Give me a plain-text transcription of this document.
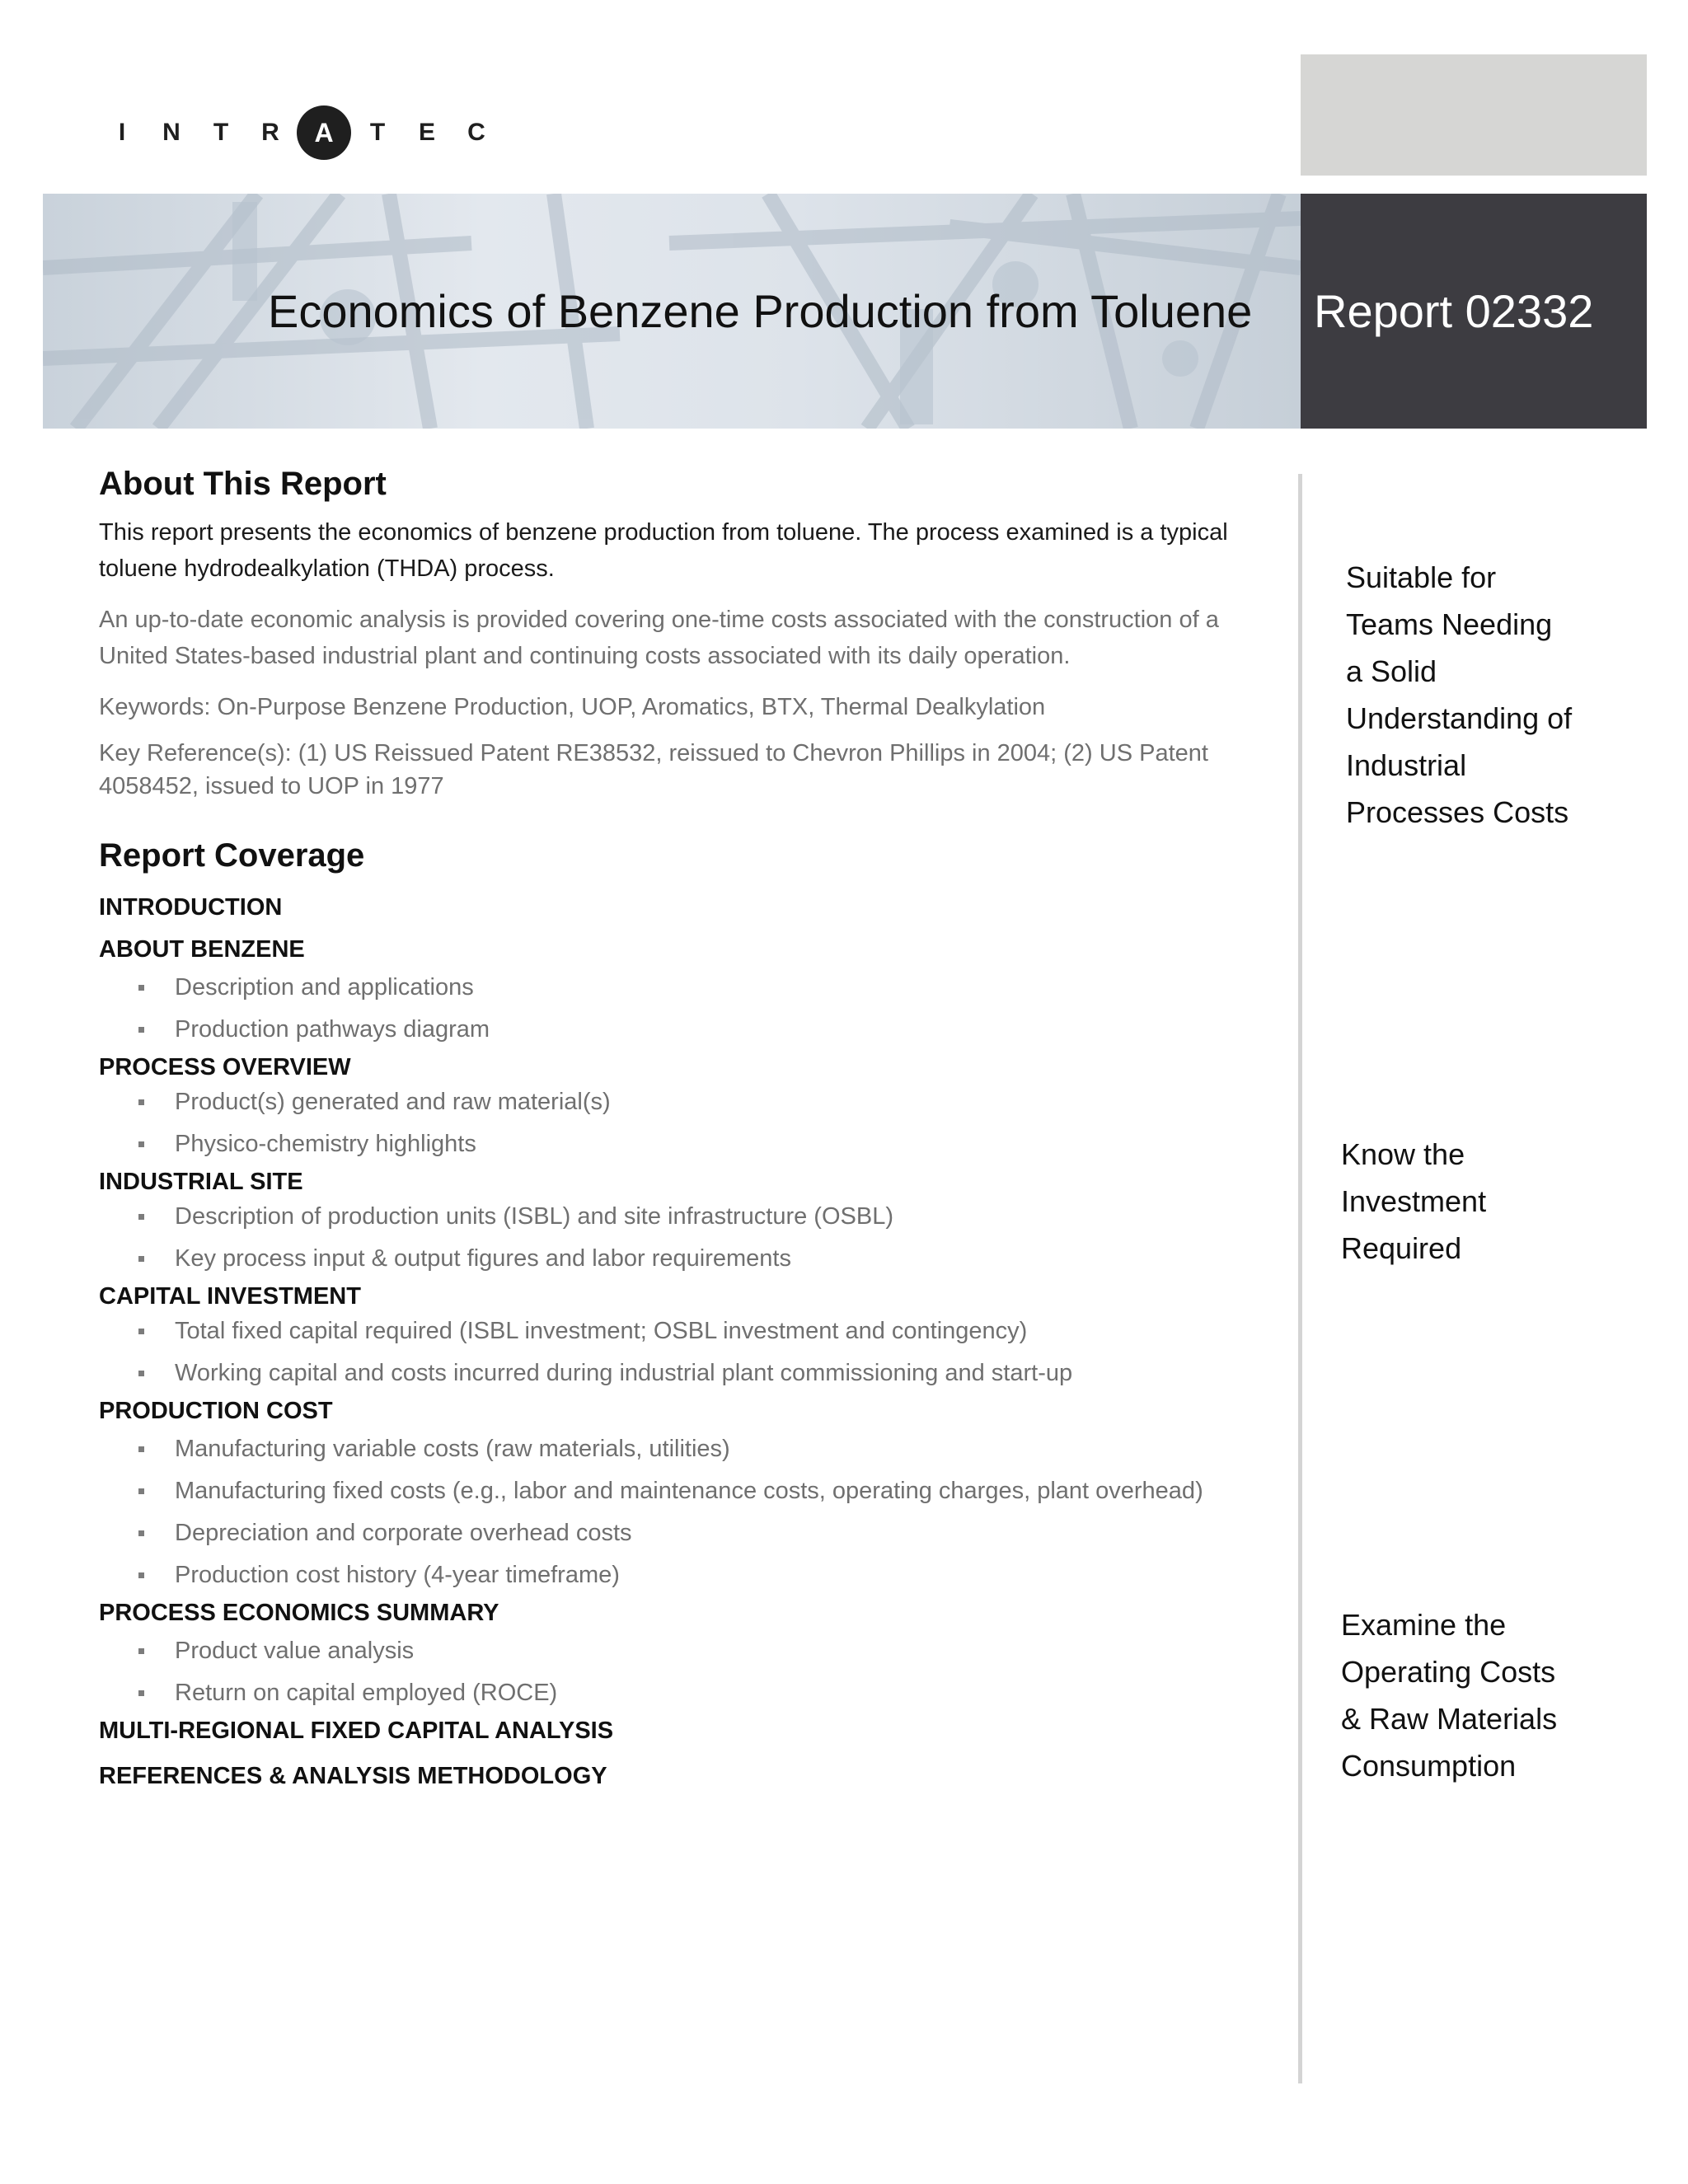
I	N	T	R	A	T	E	C
Economics of Benzene Production from Toluene Report 02332
About This Report

This report presents the economics of benzene production from toluene. The process examined is a typical toluene hydrodealkylation (THDA) process.

An up-to-date economic analysis is provided covering one-time costs associated with the construction of a United States-based industrial plant and continuing costs associated with its daily operation.

Keywords: On-Purpose Benzene Production, UOP, Aromatics, BTX, Thermal Dealkylation

Key Reference(s): (1) US Reissued Patent RE38532, reissued to Chevron Phillips in 2004; (2) US Patent 4058452, issued to UOP in 1977

Report Coverage

INTRODUCTION

ABOUT BENZENE

Description and applications
Production pathways diagram

PROCESS OVERVIEW

Product(s) generated and raw material(s)
Physico-chemistry highlights

INDUSTRIAL SITE

Description of production units (ISBL) and site infrastructure (OSBL)
Key process input & output figures and labor requirements

CAPITAL INVESTMENT

Total fixed capital required (ISBL investment; OSBL investment and contingency)
Working capital and costs incurred during industrial plant commissioning and start-up

PRODUCTION COST

Manufacturing variable costs (raw materials, utilities)
Manufacturing fixed costs (e.g., labor and maintenance costs, operating charges, plant overhead)
Depreciation and corporate overhead costs
Production cost history (4-year timeframe)

PROCESS ECONOMICS SUMMARY

Product value analysis
Return on capital employed (ROCE)

MULTI-REGIONAL FIXED CAPITAL ANALYSIS

REFERENCES & ANALYSIS METHODOLOGY

Suitable for
Teams Needing
a Solid
Understanding of
Industrial
Processes Costs
Know the
Investment
Required
Examine the
Operating Costs
& Raw Materials
Consumption
